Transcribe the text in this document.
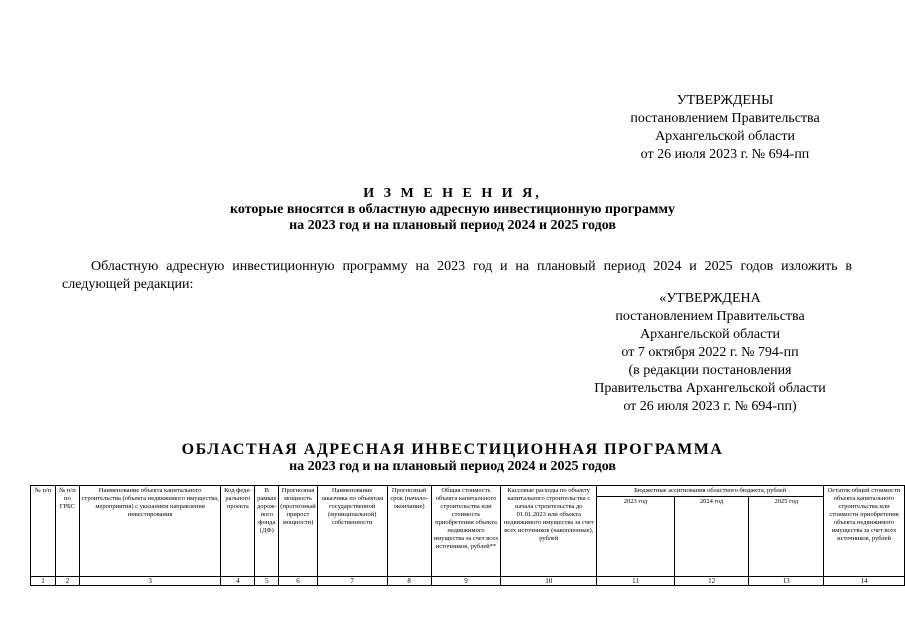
УТВЕРЖДЕНЫ
постановлением Правительства
Архангельской области
от 26 июля 2023 г. № 694-пп
И З М Е Н Е Н И Я,
которые вносятся в областную адресную инвестиционную программу
на 2023 год и на плановый период 2024 и 2025 годов

Областную адресную инвестиционную программу на 2023 год и на плановый период 2024 и 2025 годов изложить в следующей редакции:

«УТВЕРЖДЕНА
постановлением Правительства
Архангельской области
от 7 октября 2022 г. № 794-пп
(в редакции постановления
Правительства Архангельской области
от 26 июля 2023 г. № 694-пп)
ОБЛАСТНАЯ АДРЕСНАЯ ИНВЕСТИЦИОННАЯ ПРОГРАММА
на 2023 год и на плановый период 2024 и 2025 годов
№ п/п	№ п/п по ГРБС	Наименование объекта капитального строительства (объекта недвижимого имущества, мероприятия) с указанием направления инвестирования	Код феде-рального проекта	В рамках дорож-ного фонда (ДФ)	Прогнозная мощность (прогнозный прирост мощности)	Наименование заказчика по объектам государственной (муниципальной) собственности	Прогнозный срок (начало-окончание)	Общая стоимость объекта капитального строительства или стоимость приобретения объекта недвижимого имущества за счет всех источников, рублей**	Кассовые расходы по объекту капитального строительства с начала строительства до 01.01.2023 или объекта недвижимого имущества за счет всех источников (накопленные), рублей	Бюджетные ассигнования областного бюджета, рублей			Остаток общей стоимости объекта капитального строительства или стоимости приобретения объекта недвижимого имущества за счет всех источников, рублей
										2023 год	2024 год	2025 год	
1	2	3	4	5	6	7	8	9	10	11	12	13	14
